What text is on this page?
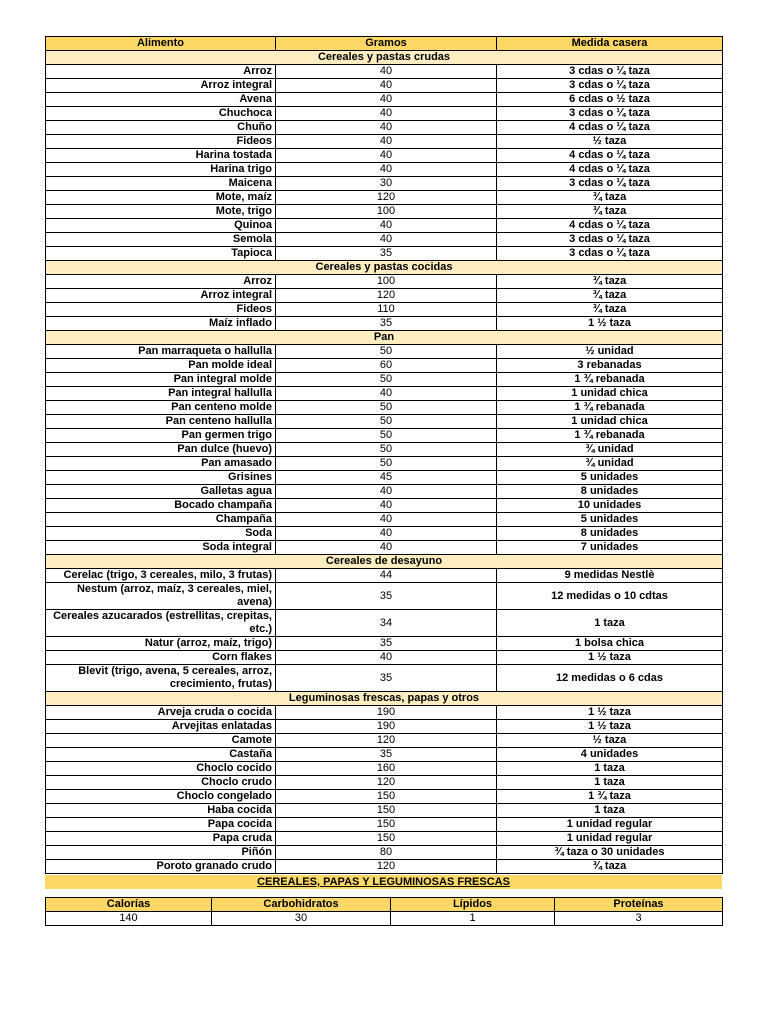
Alimento	Gramos	Medida casera
Cereales y pastas crudas		
Arroz	40	3 cdas o ¼ taza
Arroz integral	40	3 cdas o ¼ taza
Avena	40	6 cdas o ½ taza
Chuchoca	40	3 cdas o ¼ taza
Chuño	40	4 cdas o ¼ taza
Fideos	40	½ taza
Harina tostada	40	4 cdas o ¼ taza
Harina trigo	40	4 cdas o ¼ taza
Maicena	30	3 cdas o ¼ taza
Mote, maíz	120	¾ taza
Mote, trigo	100	¾ taza
Quinoa	40	4 cdas o ¼ taza
Semola	40	3 cdas o ¼ taza
Tapioca	35	3 cdas o ¼ taza
Cereales y pastas cocidas		
Arroz	100	¾ taza
Arroz integral	120	¾ taza
Fideos	110	¾ taza
Maíz inflado	35	1 ½ taza
Pan		
Pan marraqueta o hallulla	50	½ unidad
Pan molde ideal	60	3 rebanadas
Pan integral molde	50	1 ¾ rebanada
Pan integral hallulla	40	1 unidad chica
Pan centeno molde	50	1 ¾ rebanada
Pan centeno hallulla	50	1 unidad chica
Pan germen trigo	50	1 ¾ rebanada
Pan dulce (huevo)	50	¾ unidad
Pan amasado	50	¾ unidad
Grisines	45	5 unidades
Galletas agua	40	8 unidades
Bocado champaña	40	10 unidades
Champaña	40	5 unidades
Soda	40	8 unidades
Soda integral	40	7 unidades
Cereales de desayuno		
Cerelac (trigo, 3 cereales, milo, 3 frutas)	44	9 medidas Nestlè
Nestum (arroz, maíz, 3 cereales, miel, avena)	35	12 medidas o 10 cdtas
Cereales azucarados (estrellitas, crepitas, etc.)	34	1 taza
Natur (arroz, maíz, trigo)	35	1 bolsa chica
Corn flakes	40	1 ½ taza
Blevit (trigo, avena, 5 cereales, arroz, crecimiento, frutas)	35	12 medidas o 6 cdas
Leguminosas frescas, papas y otros		
Arveja cruda o cocida	190	1 ½ taza
Arvejitas enlatadas	190	1 ½ taza
Camote	120	½ taza
Castaña	35	4 unidades
Choclo cocido	160	1 taza
Choclo crudo	120	1 taza
Choclo congelado	150	1 ¾ taza
Haba cocida	150	1 taza
Papa cocida	150	1 unidad regular
Papa cruda	150	1 unidad regular
Piñón	80	¾ taza o 30 unidades
Poroto granado crudo	120	¾ taza
CEREALES, PAPAS Y LEGUMINOSAS FRESCAS
Calorías	Carbohidratos	Lípidos	Proteínas
140	30	1	3
